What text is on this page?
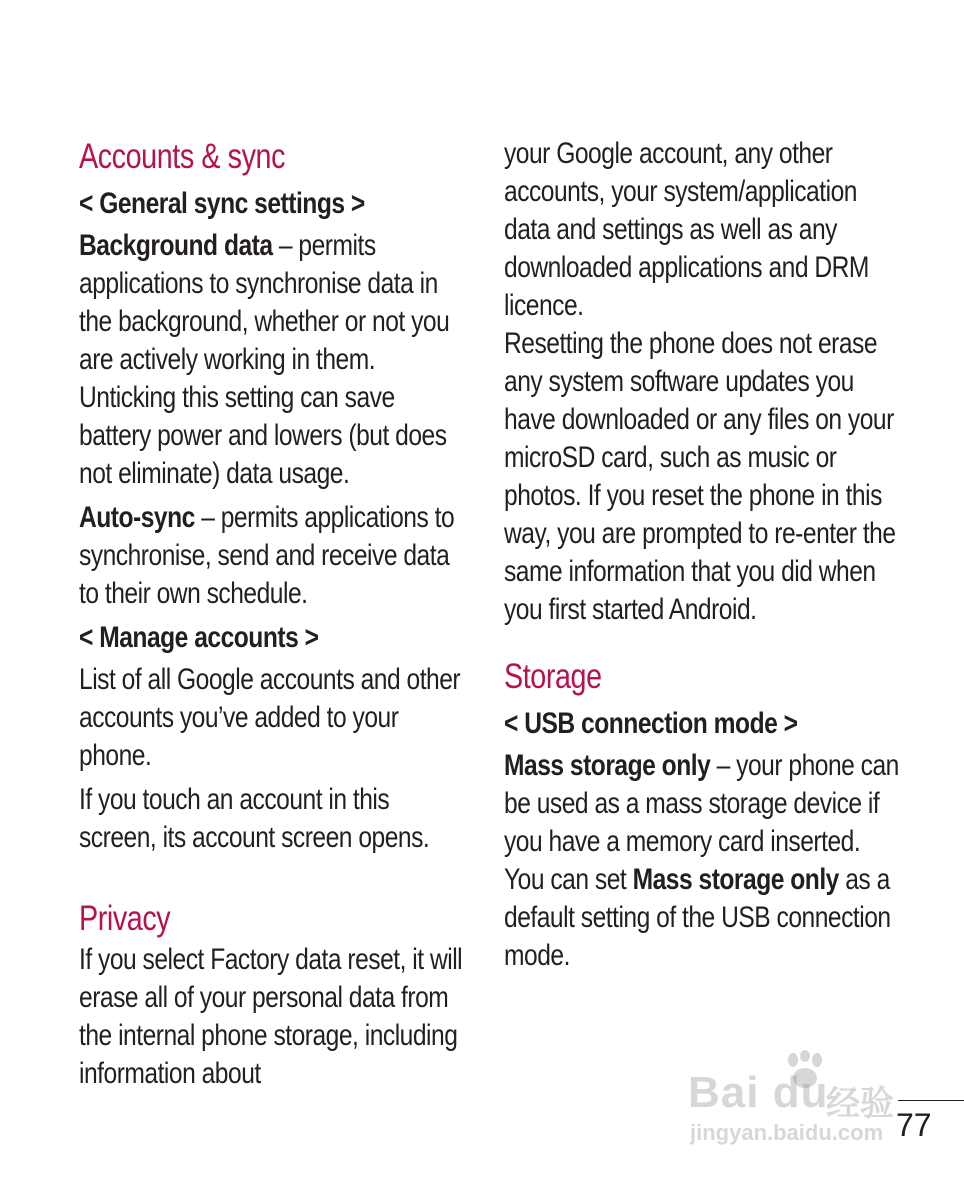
Accounts & sync
< General sync settings >

Background data – permits applications to synchronise data in the background, whether or not you are actively working in them. Unticking this setting can save battery power and lowers (but does not eliminate) data usage.

Auto-sync – permits applications to synchronise, send and receive data to their own schedule.

< Manage accounts >

List of all Google accounts and other accounts you’ve added to your phone.

If you touch an account in this screen, its account screen opens.

Privacy

If you select Factory data reset, it will erase all of your personal data from the internal phone storage, including information about

your Google account, any other accounts, your system/application data and settings as well as any downloaded applications and DRM licence.

Resetting the phone does not erase any system software updates you have downloaded or any files on your microSD card, such as music or photos. If you reset the phone in this way, you are prompted to re-enter the same information that you did when you first started Android.

Storage
< USB connection mode >

Mass storage only – your phone can be used as a mass storage device if you have a memory card inserted. You can set Mass storage only as a default setting of the USB connection mode.

Bai du
经验
jingyan.baidu.com 77
